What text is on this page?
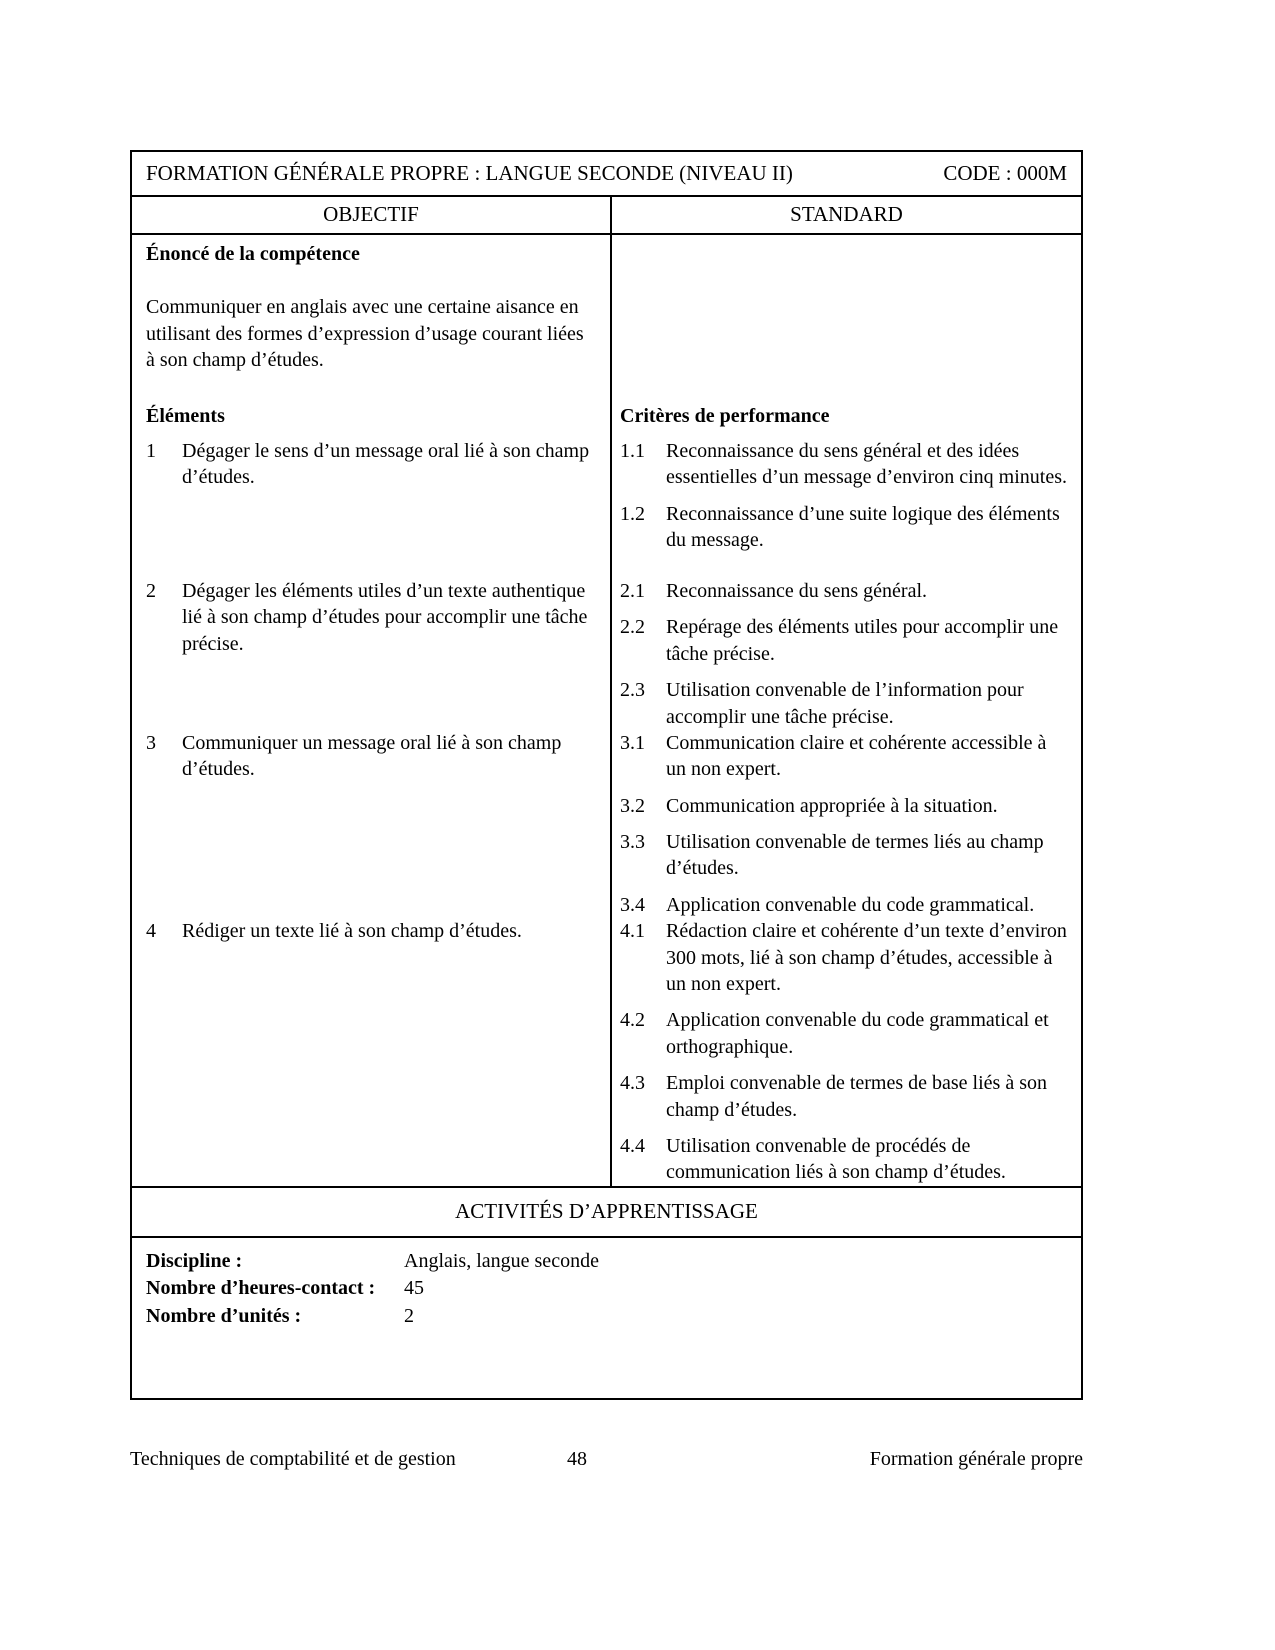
FORMATION GÉNÉRALE PROPRE : LANGUE SECONDE (NIVEAU II)	CODE : 000M
OBJECTIF	STANDARD
Énoncé de la compétence

Communiquer en anglais avec une certaine aisance en utilisant des formes d’expression d’usage courant liées à son champ d’études.

Éléments	Critères de performance
1	Dégager le sens d’un message oral lié à son champ d’études.
1.1	Reconnaissance du sens général et des idées essentielles d’un message d’environ cinq minutes.
1.2	Reconnaissance d’une suite logique des éléments du message.
2	Dégager les éléments utiles d’un texte authentique lié à son champ d’études pour accomplir une tâche précise.
2.1	Reconnaissance du sens général.
2.2	Repérage des éléments utiles pour accomplir une tâche précise.
2.3	Utilisation convenable de l’information pour accomplir une tâche précise.
3	Communiquer un message oral lié à son champ d’études.
3.1	Communication claire et cohérente accessible à un non expert.
3.2	Communication appropriée à la situation.
3.3	Utilisation convenable de termes liés au champ d’études.
3.4	Application convenable du code grammatical.
4	Rédiger un texte lié à son champ d’études.	4.1	Rédaction claire et cohérente d’un texte d’environ 300 mots, lié à son champ d’études, accessible à un non expert.
4.2	Application convenable du code grammatical et orthographique.
4.3	Emploi convenable de termes de base liés à son champ d’études.
4.4	Utilisation convenable de procédés de communication liés à son champ d’études.
ACTIVITÉS D’APPRENTISSAGE
Discipline :	Anglais, langue seconde
Nombre d’heures-contact :	45
Nombre d’unités :	2
Techniques de comptabilité et de gestion	48	Formation générale propre
